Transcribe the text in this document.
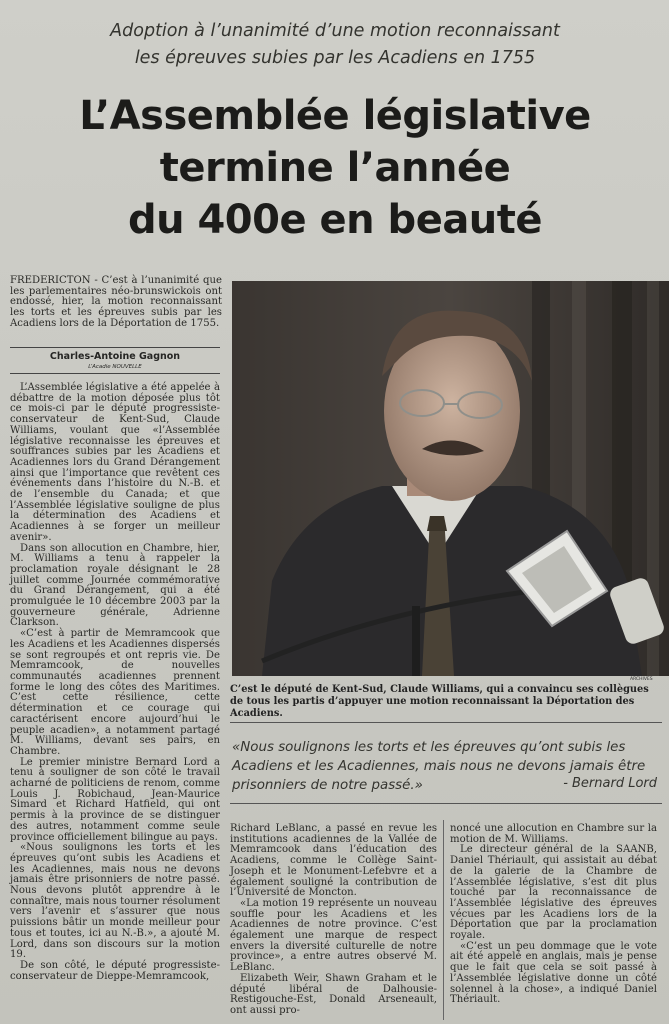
Adoption à l’unanimité d’une motion reconnaissant
les épreuves subies par les Acadiens en 1755
L’Assemblée législative
termine l’année
du 400e en beauté
FREDERICTON - C’est à l’unanimité que les parlementaires néo-brunswickois ont endossé, hier, la motion reconnaissant les torts et les épreuves subis par les Acadiens lors de la Déportation de 1755.
Charles-Antoine Gagnon
L’Acadie NOUVELLE

L’Assemblée législative a été appelée à débattre de la motion déposée plus tôt ce mois-ci par le député progressiste-conservateur de Kent-Sud, Claude Williams, voulant que «l’Assemblée législative reconnaisse les épreuves et souffrances subies par les Acadiens et Acadiennes lors du Grand Dérangement ainsi que l’importance que revêtent ces événements dans l’histoire du N.-B. et de l’ensemble du Canada; et que l’Assemblée législative souligne de plus la détermination des Acadiens et Acadiennes à se forger un meilleur avenir».

Dans son allocution en Chambre, hier, M. Williams a tenu à rappeler la proclamation royale désignant le 28 juillet comme Journée commémorative du Grand Dérangement, qui a été promulguée le 10 décembre 2003 par la gouverneure générale, Adrienne Clarkson.

«C’est à partir de Memramcook que les Acadiens et les Acadiennes dispersés se sont regroupés et ont repris vie. De Memramcook, de nouvelles communautés acadiennes prennent forme le long des côtes des Maritimes. C’est cette résilience, cette détermination et ce courage qui caractérisent encore aujourd’hui le peuple acadien», a notamment partagé M. Williams, devant ses pairs, en Chambre.

Le premier ministre Bernard Lord a tenu à souligner de son côté le travail acharné de politiciens de renom, comme Louis J. Robichaud, Jean-Maurice Simard et Richard Hatfield, qui ont permis à la province de se distinguer des autres, notamment comme seule province officiellement bilingue au pays.

«Nous soulignons les torts et les épreuves qu’ont subis les Acadiens et les Acadiennes, mais nous ne devons jamais être prisonniers de notre passé. Nous devons plutôt apprendre à le connaître, mais nous tourner résolument vers l’avenir et s’assurer que nous puissions bâtir un monde meilleur pour tous et toutes, ici au N.-B.», a ajouté M. Lord, dans son discours sur la motion 19.

De son côté, le député progressiste-conservateur de Dieppe-Memramcook,

ARCHIVES
C’est le député de Kent-Sud, Claude Williams, qui a convaincu ses collègues de tous les partis d’appuyer une motion reconnaissant la Déportation des Acadiens.
«Nous soulignons les torts et les épreuves qu’ont subis les Acadiens et les Acadiennes, mais nous ne devons jamais être prisonniers de notre passé.»	- Bernard Lord

Richard LeBlanc, a passé en revue les institutions acadiennes de la Vallée de Memramcook dans l’éducation des Acadiens, comme le Collège Saint-Joseph et le Monument-Lefebvre et a également souligné la contribution de l’Université de Moncton.

«La motion 19 représente un nouveau souffle pour les Acadiens et les Acadiennes de notre province. C’est également une marque de respect envers la diversité culturelle de notre province», a entre autres observé M. LeBlanc.

Elizabeth Weir, Shawn Graham et le député libéral de Dalhousie-Restigouche-Est, Donald Arseneault, ont aussi pro-

noncé une allocution en Chambre sur la motion de M. Williams.

Le directeur général de la SAANB, Daniel Thériault, qui assistait au débat de la galerie de la Chambre de l’Assemblée législative, s’est dit plus touché par la reconnaissance de l’Assemblée législative des épreuves vécues par les Acadiens lors de la Déportation que par la proclamation royale.

«C’est un peu dommage que le vote ait été appelé en anglais, mais je pense que le fait que cela se soit passé à l’Assemblée législative donne un côté solennel à la chose», a indiqué Daniel Thériault.
